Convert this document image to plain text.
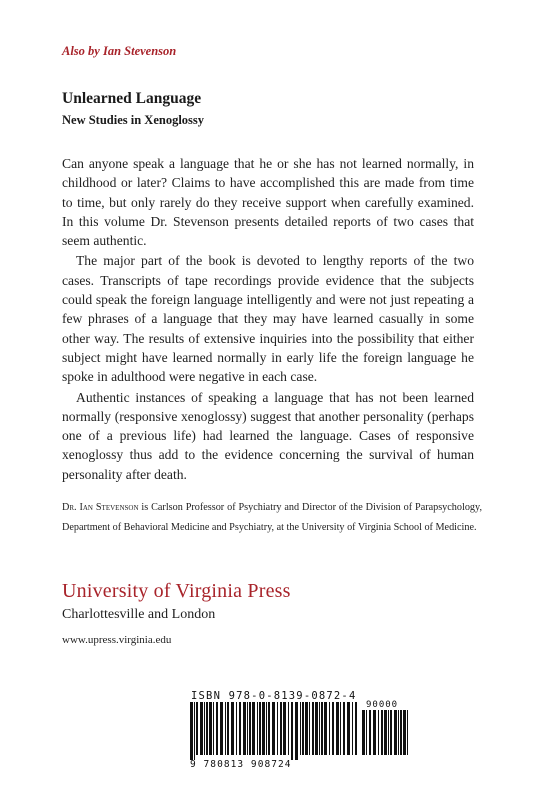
Also by Ian Stevenson
Unlearned Language
New Studies in Xenoglossy

Can anyone speak a language that he or she has not learned normally, in childhood or later? Claims to have accomplished this are made from time to time, but only rarely do they receive support when carefully examined. In this volume Dr. Stevenson presents detailed reports of two cases that seem authentic.

The major part of the book is devoted to lengthy reports of the two cases. Transcripts of tape recordings provide evidence that the subjects could speak the foreign language intelligently and were not just repeating a few phrases of a language that they may have learned casually in some other way. The results of extensive inquiries into the possibility that either subject might have learned normally in early life the foreign language he spoke in adulthood were negative in each case.

Authentic instances of speaking a language that has not been learned normally (responsive xenoglossy) suggest that another personality (perhaps one of a previous life) had learned the language. Cases of responsive xenoglossy thus add to the evidence concerning the survival of human personality after death.

Dr. Ian Stevenson is Carlson Professor of Psychiatry and Director of the Division of Parapsychology, Department of Behavioral Medicine and Psychiatry, at the University of Virginia School of Medicine.
University of Virginia Press
Charlottesville and London
www.upress.virginia.edu
ISBN 978-0-8139-0872-4
90000
9 780813 908724
